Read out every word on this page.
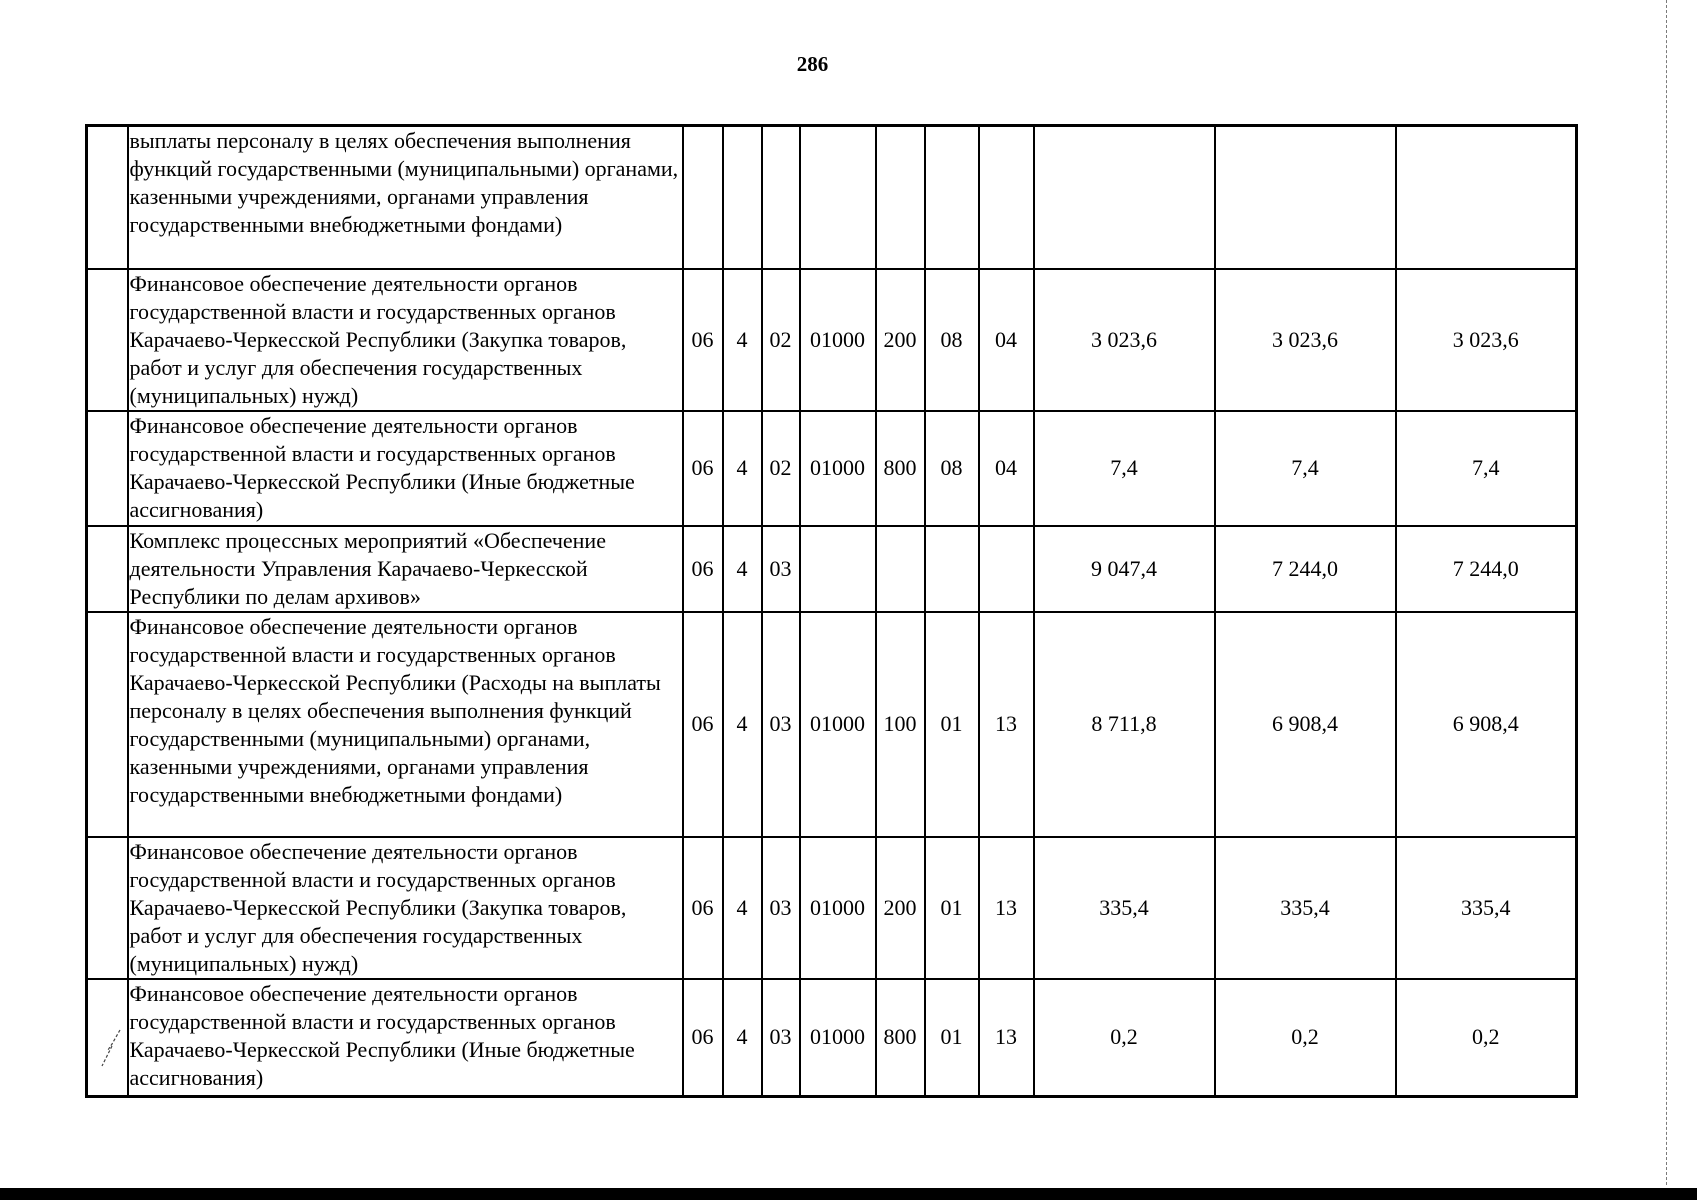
286
	выплаты персоналу в целях обеспечения выполнения функций государственными (муниципальными) органами, казенными учреждениями, органами управления государственными внебюджетными фондами)										
	Финансовое обеспечение деятельности органов государственной власти и государственных органов Карачаево-Черкесской Республики (Закупка товаров, работ и услуг для обеспечения государственных (муниципальных) нужд)	06	4	02	01000	200	08	04	3 023,6	3 023,6	3 023,6
	Финансовое обеспечение деятельности органов государственной власти и государственных органов Карачаево-Черкесской Республики (Иные бюджетные ассигнования)	06	4	02	01000	800	08	04	7,4	7,4	7,4
	Комплекс процессных мероприятий «Обеспечение деятельности Управления Карачаево-Черкесской Республики по делам архивов»	06	4	03					9 047,4	7 244,0	7 244,0
	Финансовое обеспечение деятельности органов государственной власти и государственных органов Карачаево-Черкесской Республики (Расходы на выплаты персоналу в целях обеспечения выполнения функций государственными (муниципальными) органами, казенными учреждениями, органами управления государственными внебюджетными фондами)	06	4	03	01000	100	01	13	8 711,8	6 908,4	6 908,4
	Финансовое обеспечение деятельности органов государственной власти и государственных органов Карачаево-Черкесской Республики (Закупка товаров, работ и услуг для обеспечения государственных (муниципальных) нужд)	06	4	03	01000	200	01	13	335,4	335,4	335,4
	Финансовое обеспечение деятельности органов государственной власти и государственных органов Карачаево-Черкесской Республики (Иные бюджетные ассигнования)	06	4	03	01000	800	01	13	0,2	0,2	0,2
